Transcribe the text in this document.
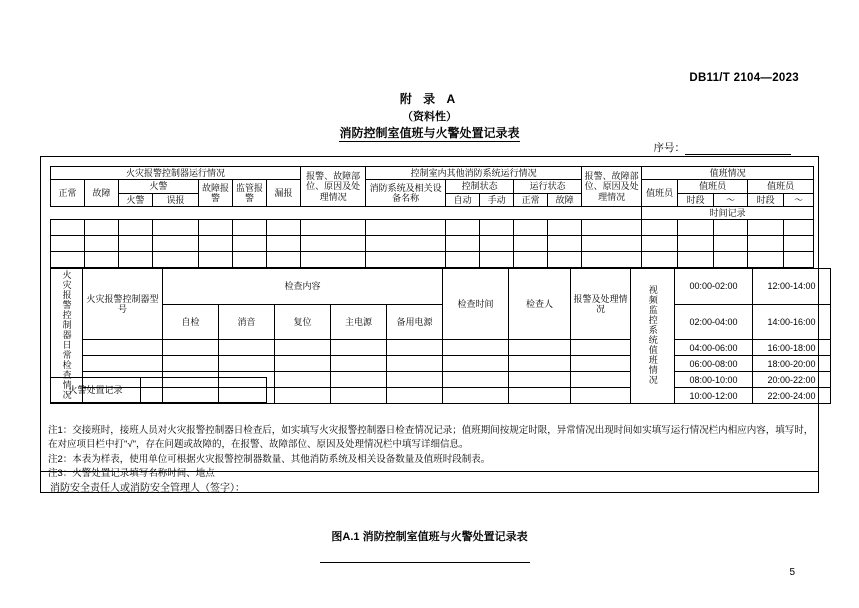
DB11/T 2104—2023
附 录 A
（资料性）
消防控制室值班与火警处置记录表
序号：
火灾报警控制器运行情况							报警、故障部位、原因及处理情况	控制室内其他消防系统运行情况					报警、故障部位、原因及处理情况	值班情况				
正常	故障	火警		故障报警	监管报警	漏报		消防系统及相关设备名称	控制状态		运行状态			值班员	值班员		值班员	
		火警	误报						自动	手动	正常	故障			时段	～	时段	～
														时间记录				

火灾报警控制器日常检查情况	火灾报警控制器型号	检查内容					检查时间	检查人	报警及处理情况	视频监控系统值班情况	00:00-02:00	12:00-14:00
		自检	消音	复位	主电源	备用电源					02:00-04:00	14:00-16:00
											04:00-06:00	16:00-18:00
											06:00-08:00	18:00-20:00
											08:00-10:00	20:00-22:00
											10:00-12:00	22:00-24:00
火警处置记录	
注1：交接班时，接班人员对火灾报警控制器日检查后，如实填写火灾报警控制器日检查情况记录；值班期间按规定时限，异常情况出现时间如实填写运行情况栏内相应内容，填写时，
在对应项目栏中打"√"，存在问题或故障的，在报警、故障部位、原因及处理情况栏中填写详细信息。
注2：本表为样表，使用单位可根据火灾报警控制器数量、其他消防系统及相关设备数量及值班时段制表。
注3：火警处置记录填写名称时间、地点
消防安全责任人或消防安全管理人（签字）：
图A.1 消防控制室值班与火警处置记录表
5
